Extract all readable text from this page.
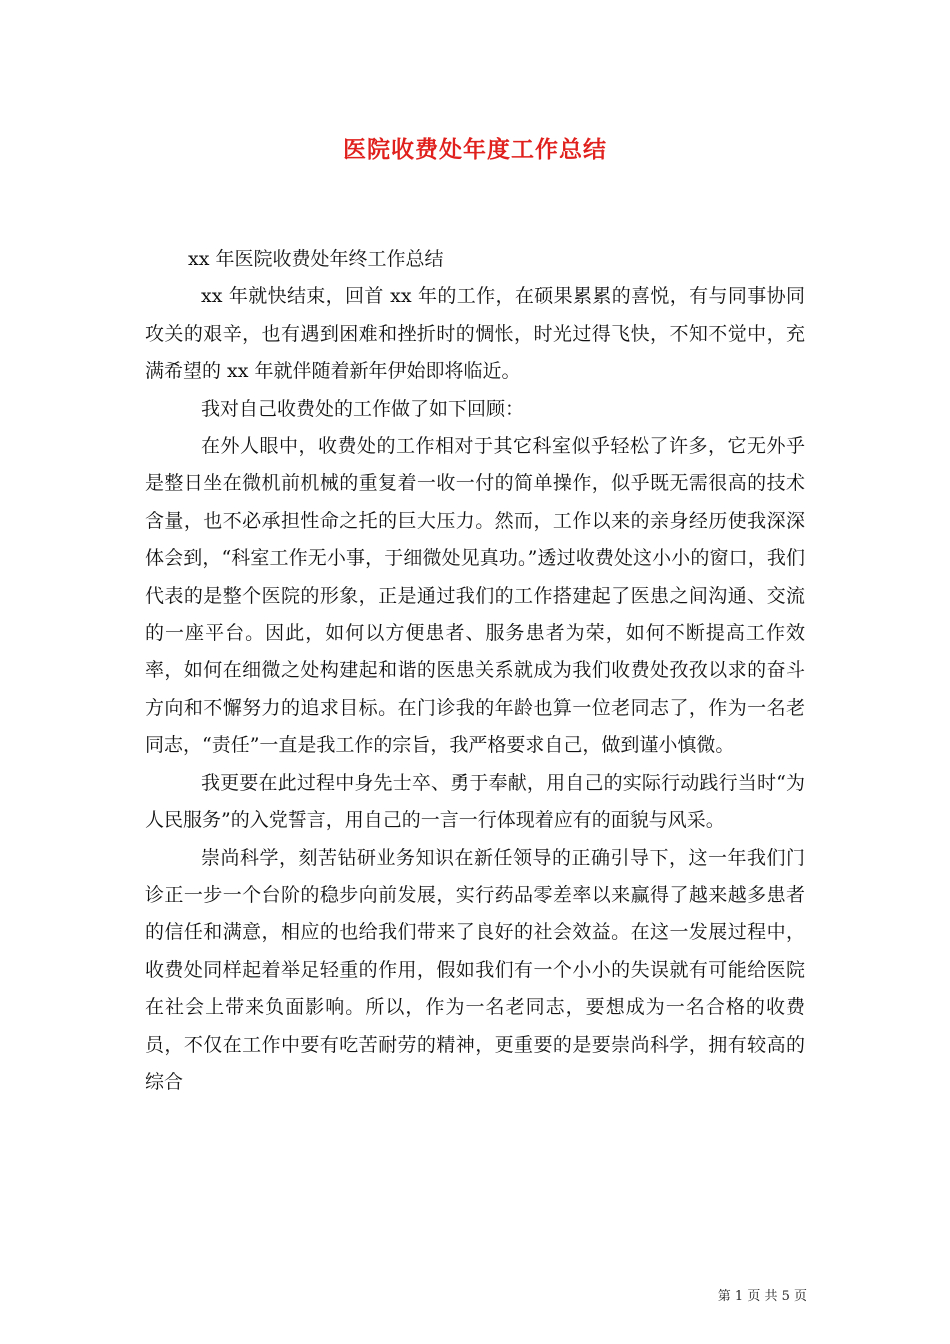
医院收费处年度工作总结

xx 年医院收费处年终工作总结

xx 年就快结束，回首 xx 年的工作，在硕果累累的喜悦，有与同事协同攻关的艰辛，也有遇到困难和挫折时的惆怅，时光过得飞快，不知不觉中，充满希望的 xx 年就伴随着新年伊始即将临近。

我对自己收费处的工作做了如下回顾：

在外人眼中，收费处的工作相对于其它科室似乎轻松了许多，它无外乎是整日坐在微机前机械的重复着一收一付的简单操作，似乎既无需很高的技术含量，也不必承担性命之托的巨大压力。然而，工作以来的亲身经历使我深深体会到，“科室工作无小事，于细微处见真功。”透过收费处这小小的窗口，我们代表的是整个医院的形象，正是通过我们的工作搭建起了医患之间沟通、交流的一座平台。因此，如何以方便患者、服务患者为荣，如何不断提高工作效率，如何在细微之处构建起和谐的医患关系就成为我们收费处孜孜以求的奋斗方向和不懈努力的追求目标。在门诊我的年龄也算一位老同志了，作为一名老同志，“责任”一直是我工作的宗旨，我严格要求自己，做到谨小慎微。

我更要在此过程中身先士卒、勇于奉献，用自己的实际行动践行当时“为人民服务”的入党誓言，用自己的一言一行体现着应有的面貌与风采。

崇尚科学，刻苦钻研业务知识在新任领导的正确引导下，这一年我们门诊正一步一个台阶的稳步向前发展，实行药品零差率以来赢得了越来越多患者的信任和满意，相应的也给我们带来了良好的社会效益。在这一发展过程中，收费处同样起着举足轻重的作用，假如我们有一个小小的失误就有可能给医院在社会上带来负面影响。所以，作为一名老同志，要想成为一名合格的收费员，不仅在工作中要有吃苦耐劳的精神，更重要的是要崇尚科学，拥有较高的综合

第 1 页 共 5 页
